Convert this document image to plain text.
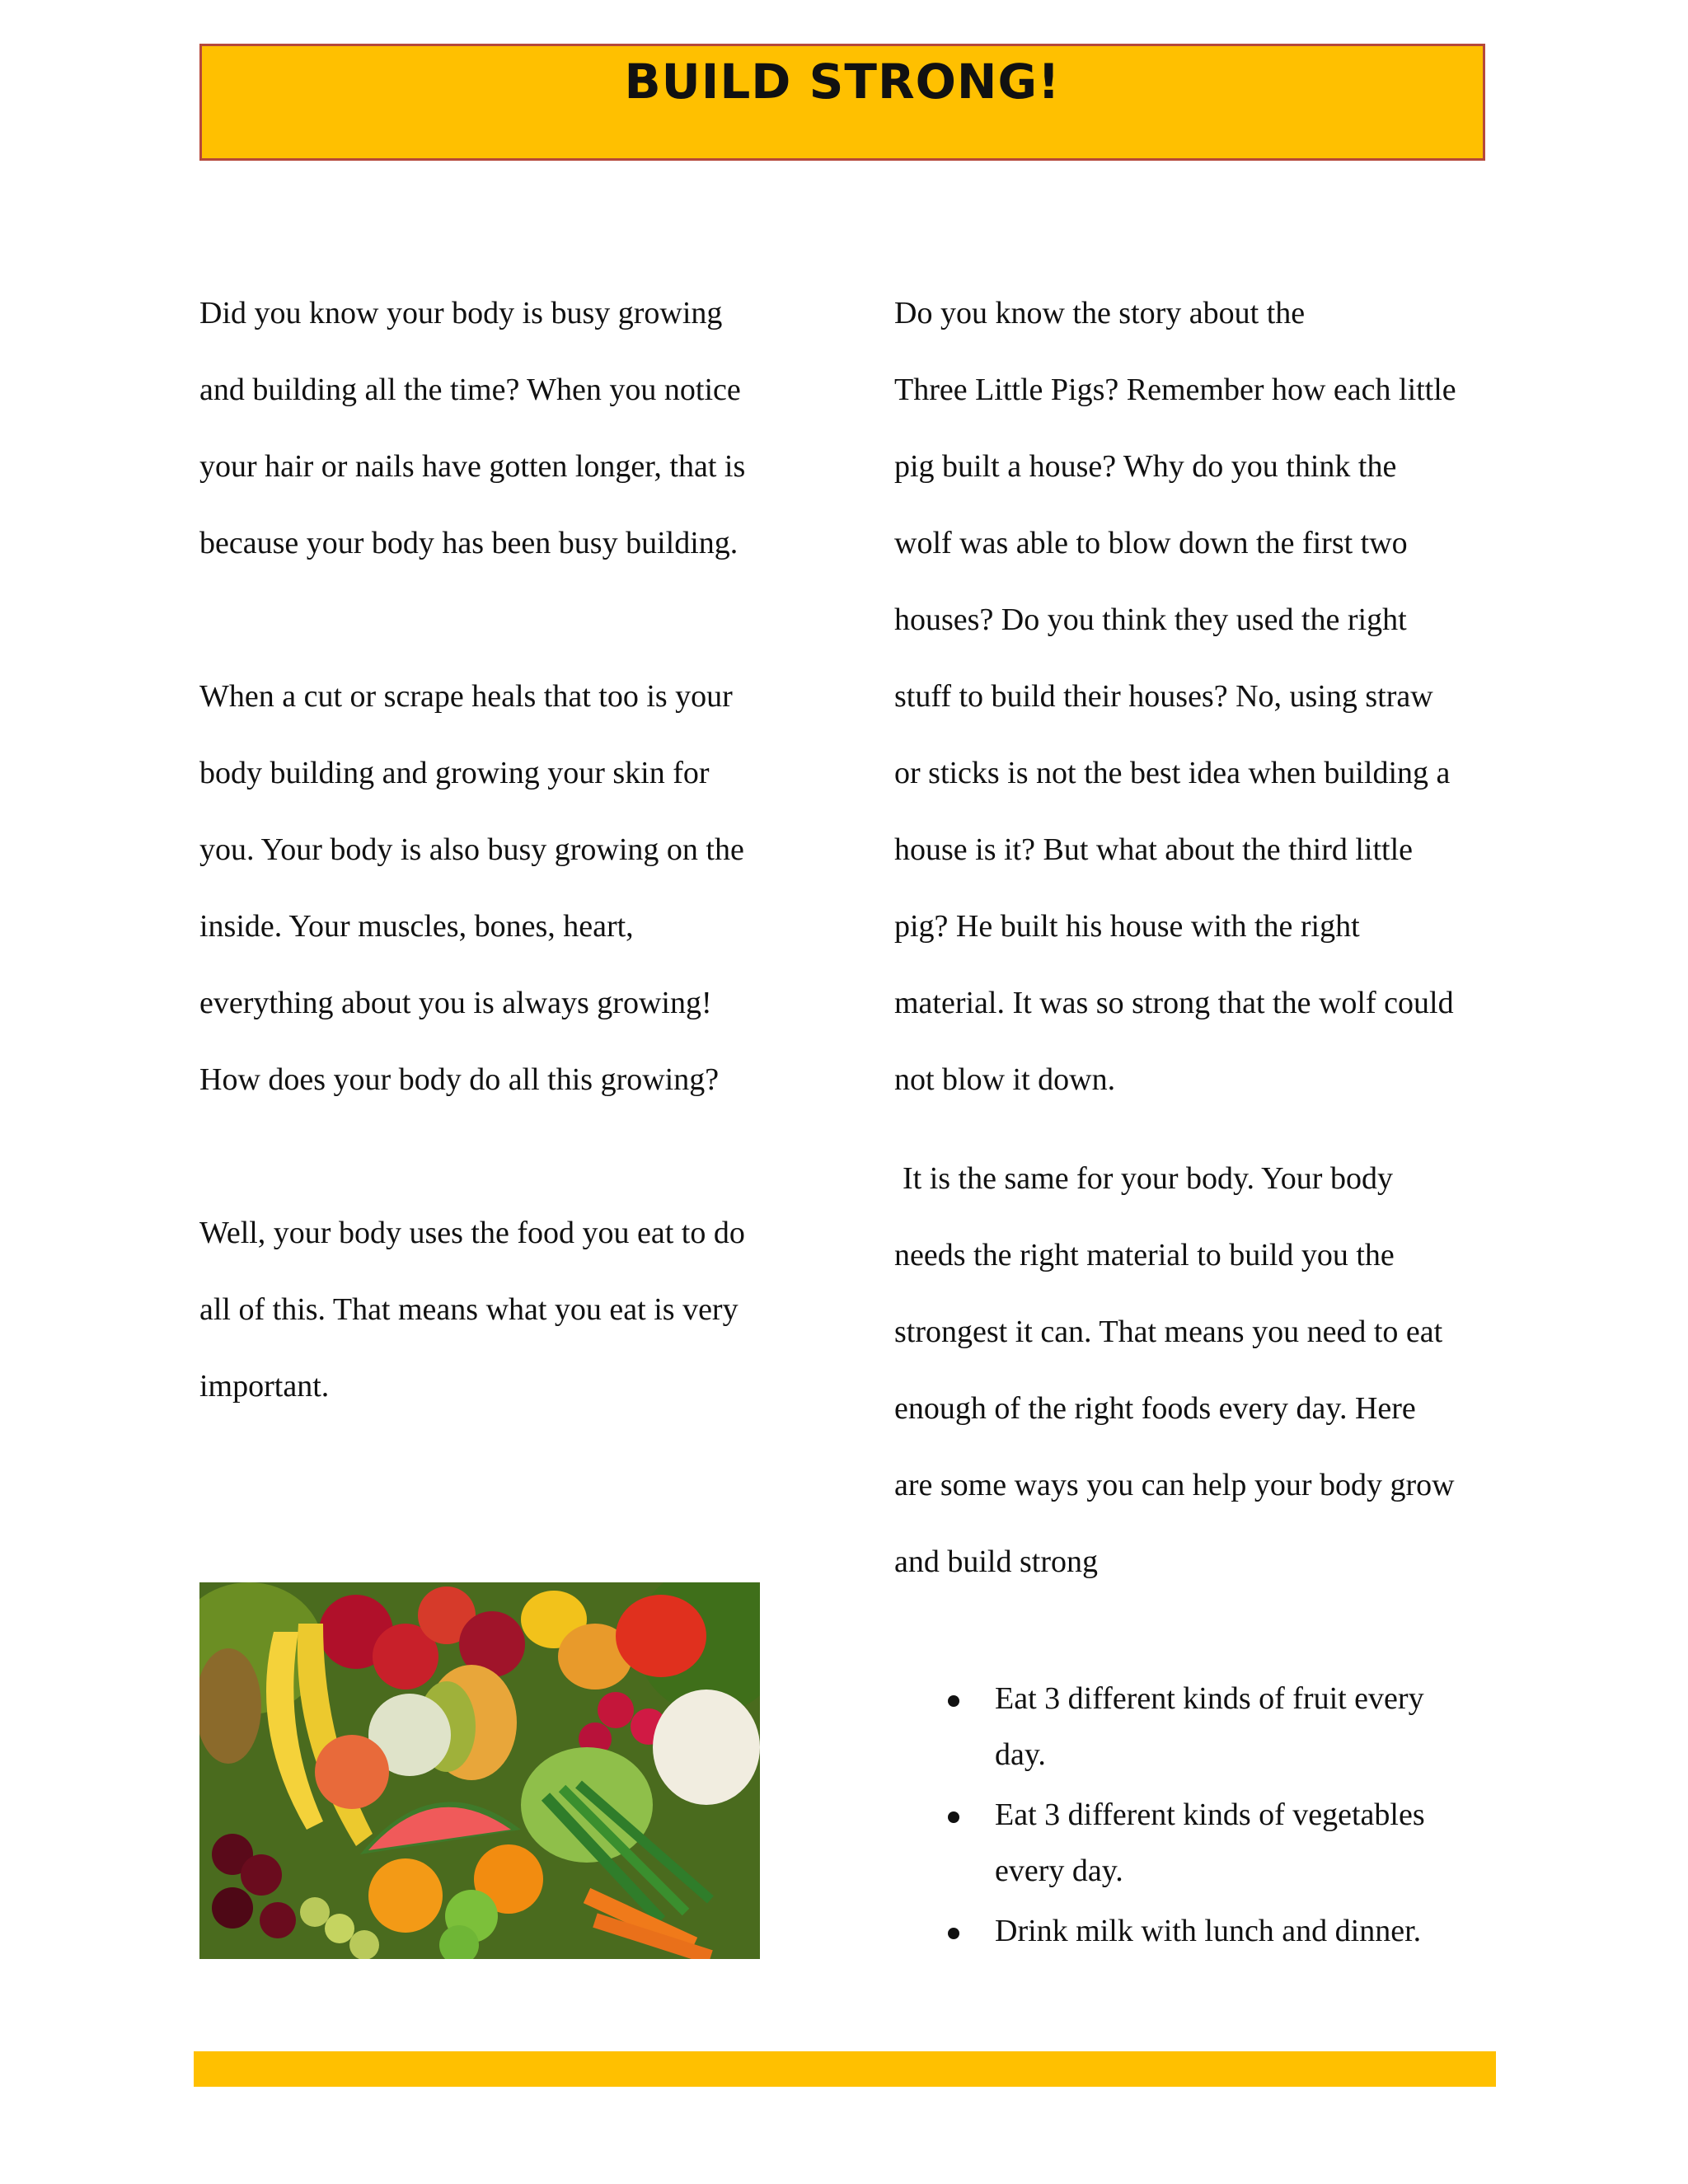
BUILD STRONG!
Did you know your body is busy growing
and building all the time? When you notice
your hair or nails have gotten longer, that is
because your body has been busy building.
When a cut or scrape heals that too is your
body building and growing your skin for
you. Your body is also busy growing on the
inside. Your muscles, bones, heart,
everything about you is always growing!
How does your body do all this growing?
Well, your body uses the food you eat to do
all of this. That means what you eat is very
important.
Do you know the story about the
Three Little Pigs? Remember how each little
pig built a house? Why do you think the
wolf was able to blow down the first two
houses? Do you think they used the right
stuff to build their houses? No, using straw
or sticks is not the best idea when building a
house is it? But what about the third little
pig? He built his house with the right
material. It was so strong that the wolf could
not blow it down.
It is the same for your body. Your body
needs the right material to build you the
strongest it can. That means you need to eat
enough of the right foods every day. Here
are some ways you can help your body grow
and build strong
Eat 3 different kinds of fruit every day.
Eat 3 different kinds of vegetables every day.
Drink milk with lunch and dinner.
